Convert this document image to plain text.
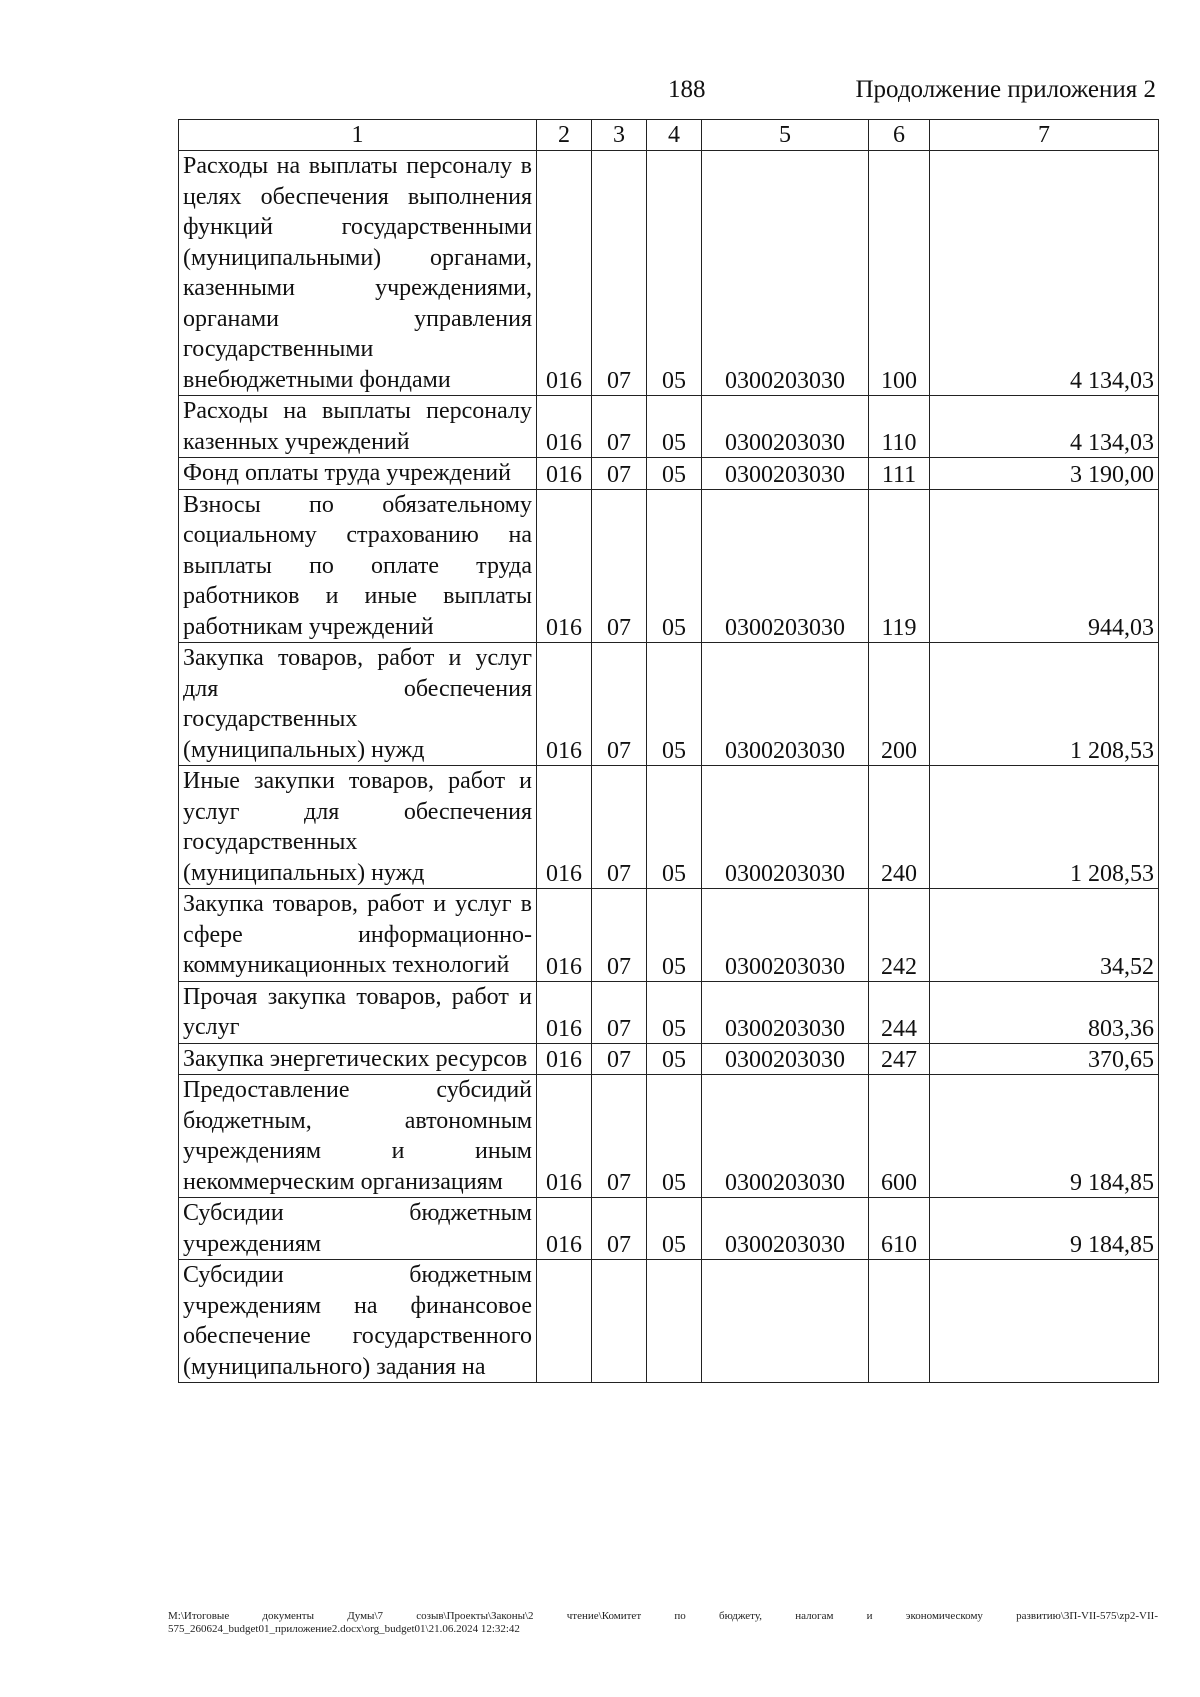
188	Продолжение приложения 2
1	2	3	4	5	6	7
Расходы на выплаты персоналу в целях обеспечения выполнения функций государственными (муниципальными) органами, казенными учреждениями, органами управления государственными внебюджетными фондами	016	07	05	0300203030	100	4 134,03
Расходы на выплаты персоналу казенных учреждений	016	07	05	0300203030	110	4 134,03
Фонд оплаты труда учреждений	016	07	05	0300203030	111	3 190,00
Взносы по обязательному социальному страхованию на выплаты по оплате труда работников и иные выплаты работникам учреждений	016	07	05	0300203030	119	944,03
Закупка товаров, работ и услуг для обеспечения государственных (муниципальных) нужд	016	07	05	0300203030	200	1 208,53
Иные закупки товаров, работ и услуг для обеспечения государственных (муниципальных) нужд	016	07	05	0300203030	240	1 208,53
Закупка товаров, работ и услуг в сфере информационно-коммуникационных технологий	016	07	05	0300203030	242	34,52
Прочая закупка товаров, работ и услуг	016	07	05	0300203030	244	803,36
Закупка энергетических ресурсов	016	07	05	0300203030	247	370,65
Предоставление субсидий бюджетным, автономным учреждениям и иным некоммерческим организациям	016	07	05	0300203030	600	9 184,85
Субсидии бюджетным учреждениям	016	07	05	0300203030	610	9 184,85
Субсидии бюджетным учреждениям на финансовое обеспечение государственного (муниципального) задания на						
M:\Итоговые документы Думы\7 созыв\Проекты\Законы\2 чтение\Комитет по бюджету, налогам и экономическому развитию\3П-VII-575\zp2-VII-575_260624_budget01_приложение2.docx\org_budget01\21.06.2024 12:32:42
